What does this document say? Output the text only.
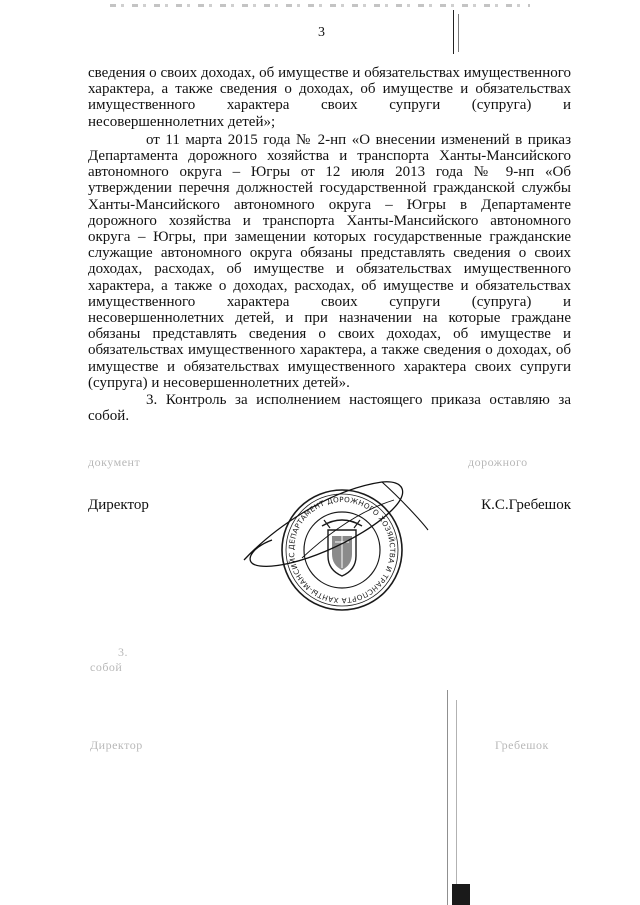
3

сведения о своих доходах, об имуществе и обязательствах имущественного характера, а также сведения о доходах, об имуществе и обязательствах имущественного характера своих супруги (супруга) и несовершеннолетних детей»;

от 11 марта 2015 года № 2-нп «О внесении изменений в приказ Департамента дорожного хозяйства и транспорта Ханты-Мансийского автономного округа – Югры от 12 июля 2013 года № 9-нп «Об утверждении перечня должностей государственной гражданской службы Ханты-Мансийского автономного округа – Югры в Департаменте дорожного хозяйства и транспорта Ханты-Мансийского автономного округа – Югры, при замещении которых государственные гражданские служащие автономного округа обязаны представлять сведения о своих доходах, расходах, об имуществе и обязательствах имущественного характера, а также о доходах, расходах, об имуществе и обязательствах имущественного характера своих супруги (супруга) и несовершеннолетних детей, и при назначении на которые граждане обязаны представлять сведения о своих доходах, об имуществе и обязательствах имущественного характера, а также сведения о доходах, об имуществе и обязательствах имущественного характера своих супруги (супруга) и несовершеннолетних детей».

3. Контроль за исполнением настоящего приказа оставляю за собой.

документ	дорожного
Директор
3.
собой
Гребешок
ДЕПАРТАМЕНТ ДОРОЖНОГО ХОЗЯЙСТВА И ТРАНСПОРТА ХАНТЫ-МАНСИЙС
Директор	К.С.Гребешок
